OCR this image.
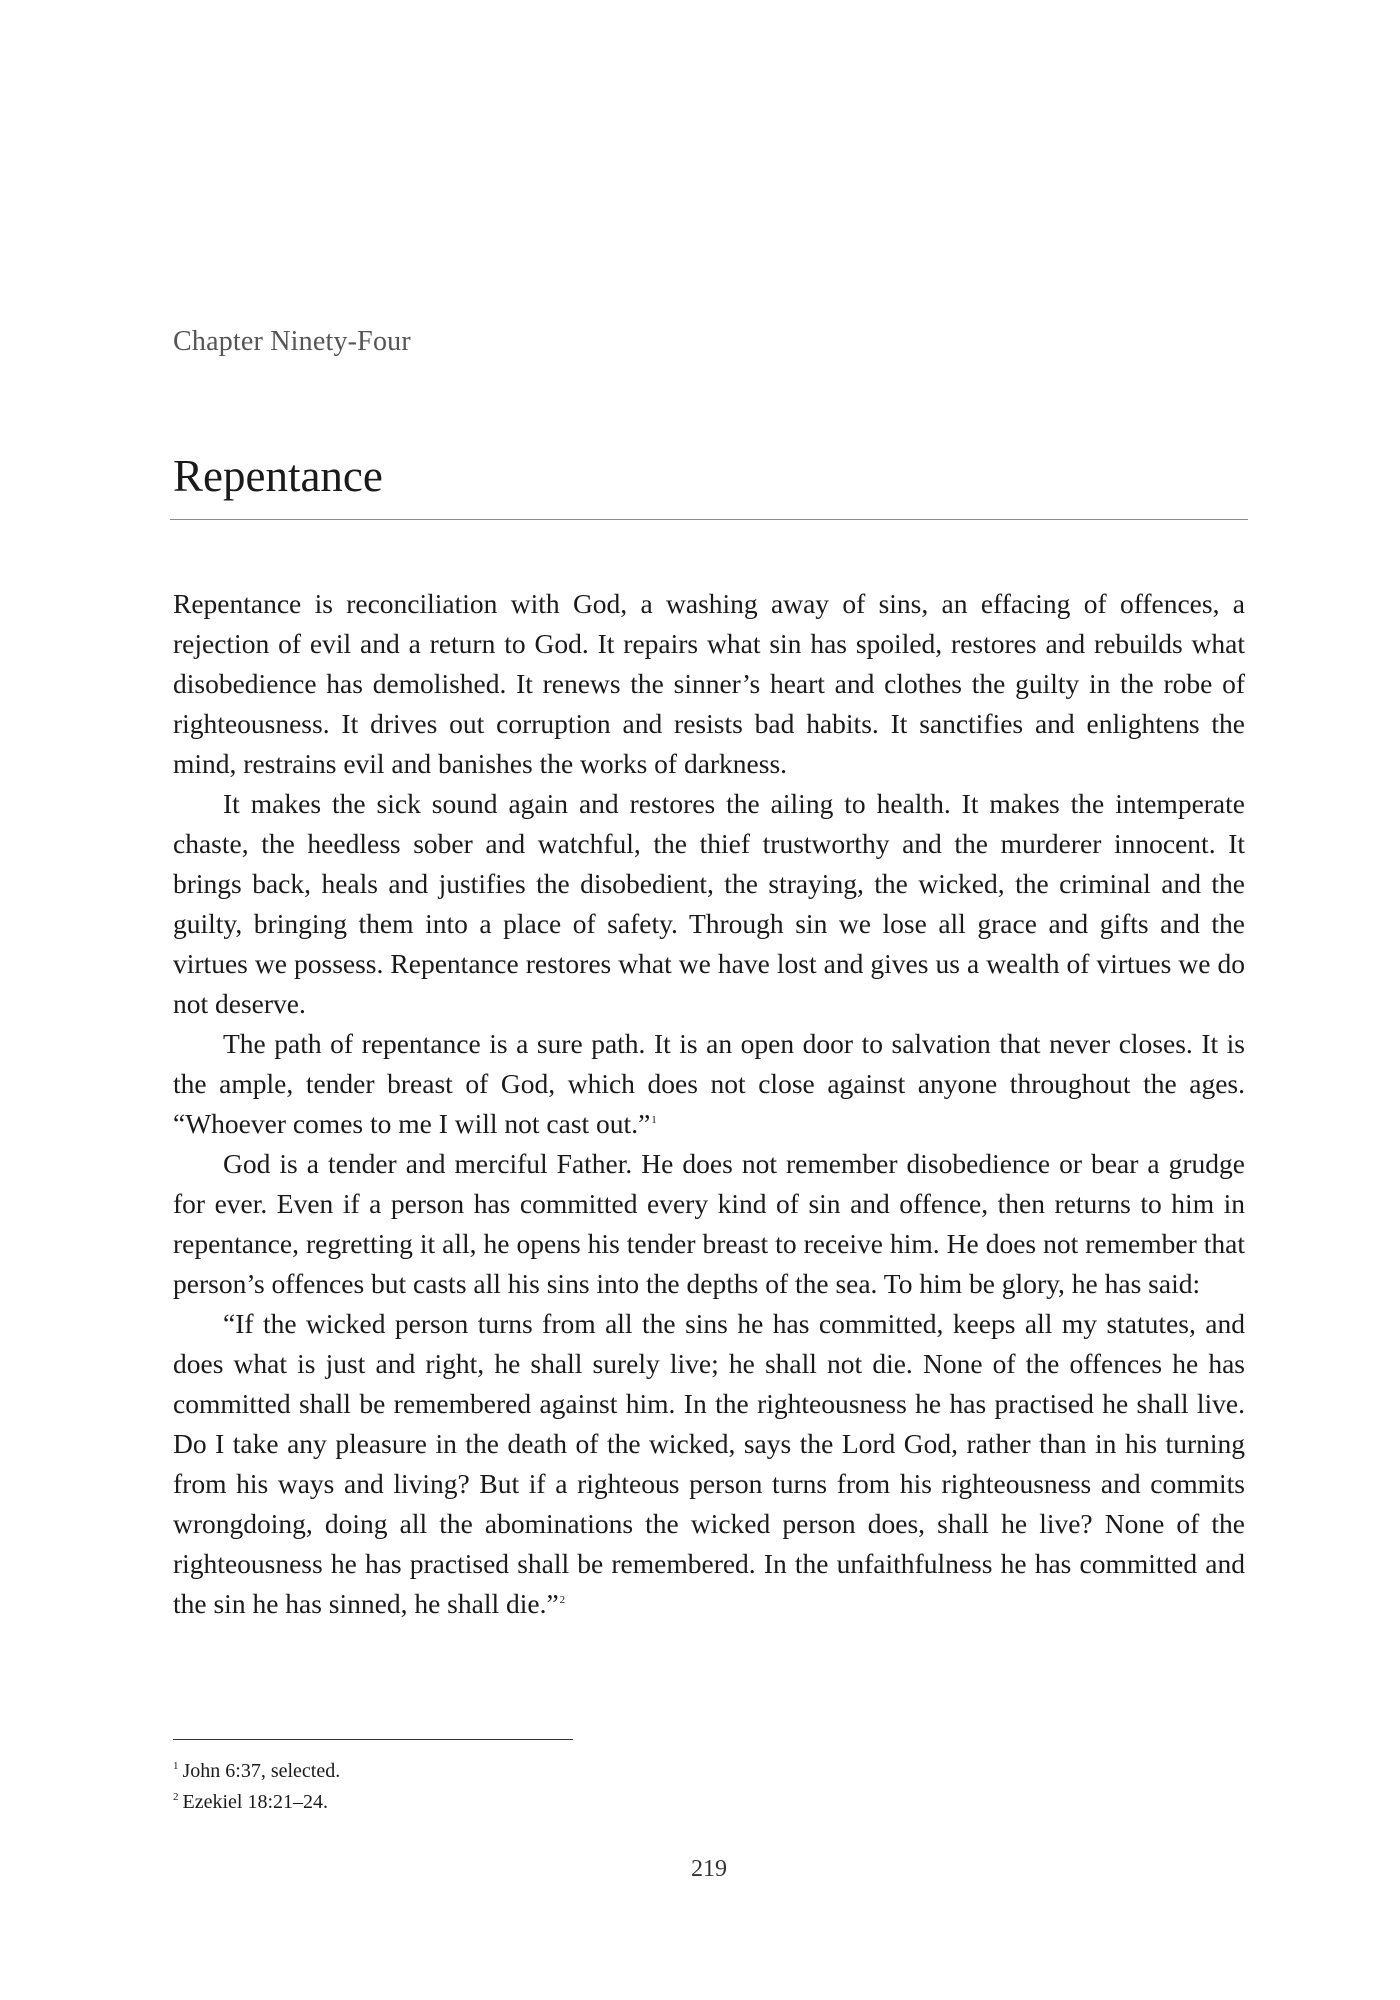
Chapter Ninety-Four
Repentance

Repentance is reconciliation with God, a washing away of sins, an effacing of offences, a rejection of evil and a return to God. It repairs what sin has spoiled, restores and rebuilds what disobedience has demolished. It renews the sinner’s heart and clothes the guilty in the robe of righteousness. It drives out corruption and resists bad habits. It sanctifies and enlightens the mind, restrains evil and banishes the works of darkness.

It makes the sick sound again and restores the ailing to health. It makes the intemperate chaste, the heedless sober and watchful, the thief trustworthy and the murderer innocent. It brings back, heals and justifies the disobedient, the straying, the wicked, the criminal and the guilty, bringing them into a place of safety. Through sin we lose all grace and gifts and the virtues we possess. Repentance restores what we have lost and gives us a wealth of virtues we do not deserve.

The path of repentance is a sure path. It is an open door to salvation that never closes. It is the ample, tender breast of God, which does not close against anyone throughout the ages. “Whoever comes to me I will not cast out.”$^1$

God is a tender and merciful Father. He does not remember disobedience or bear a grudge for ever. Even if a person has committed every kind of sin and offence, then returns to him in repentance, regretting it all, he opens his tender breast to receive him. He does not remember that person’s offences but casts all his sins into the depths of the sea. To him be glory, he has said:

“If the wicked person turns from all the sins he has committed, keeps all my statutes, and does what is just and right, he shall surely live; he shall not die. None of the offences he has committed shall be remembered against him. In the righteousness he has practised he shall live. Do I take any pleasure in the death of the wicked, says the Lord God, rather than in his turning from his ways and living? But if a righteous person turns from his righteousness and commits wrongdoing, doing all the abominations the wicked person does, shall he live? None of the righteousness he has practised shall be remembered. In the unfaithfulness he has committed and the sin he has sinned, he shall die.”$^2$

$^1$ John 6:37, selected.
$^2$ Ezekiel 18:21–24.
219
